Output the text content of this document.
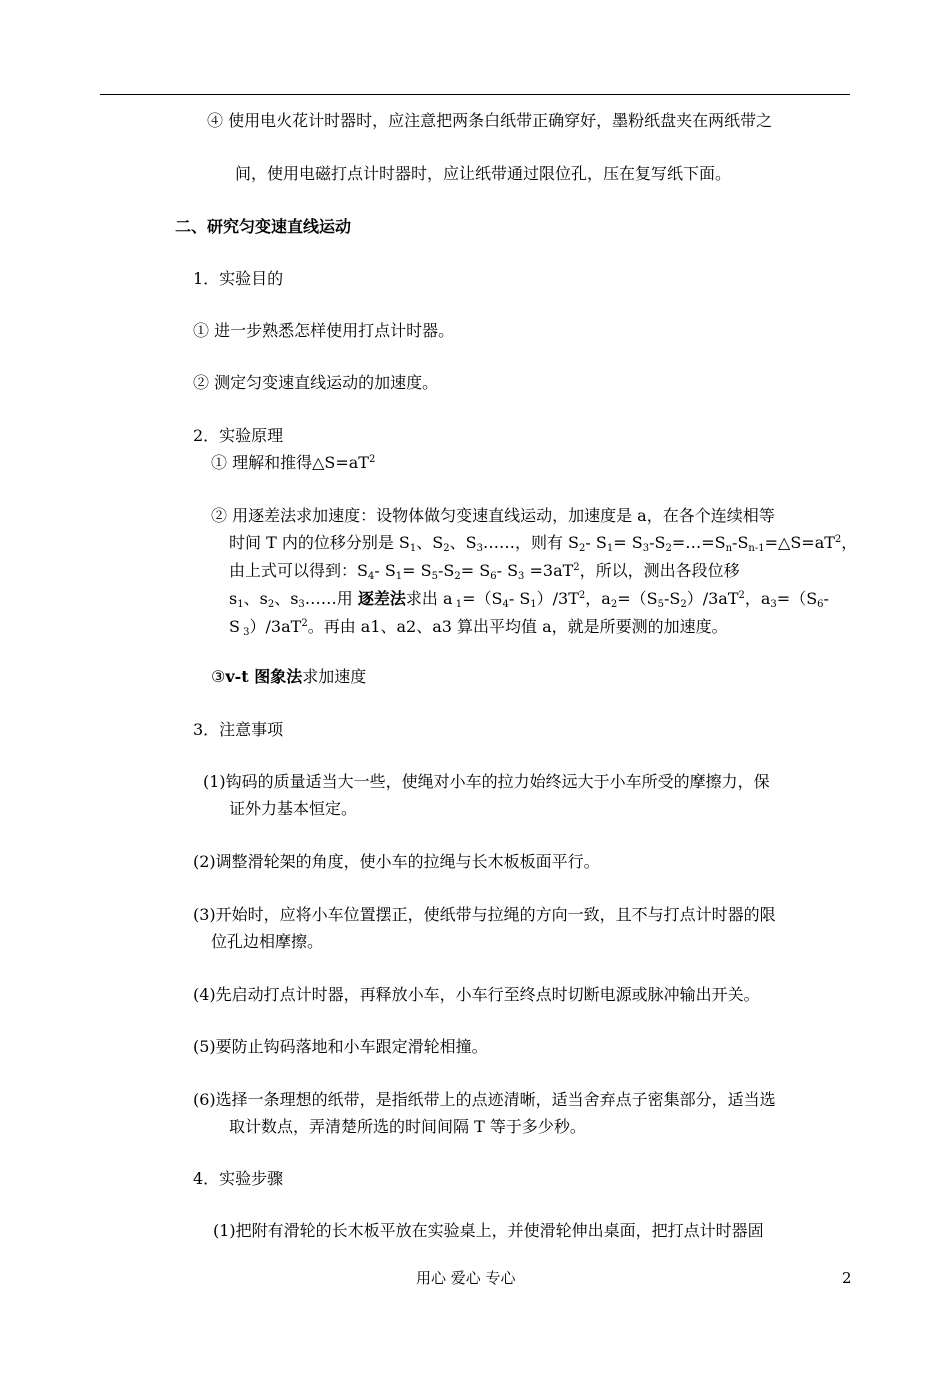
④ 使用电火花计时器时，应注意把两条白纸带正确穿好，墨粉纸盘夹在两纸带之
间，使用电磁打点计时器时，应让纸带通过限位孔，压在复写纸下面。
二、研究匀变速直线运动
1．实验目的
① 进一步熟悉怎样使用打点计时器。
② 测定匀变速直线运动的加速度。
2．实验原理
① 理解和推得$\triangle S=aT^2$
② 用逐差法求加速度：设物体做匀变速直线运动，加速度是 a，在各个连续相等
时间 T 内的位移分别是 $S_1$、$S_2$、$S_3\dots\dots$，则有 $S_2-$ $S_1=$ $S_3-S_2=\dots=S_n-S_{n-1}=\triangle S=aT^2$，
由上式可以得到：$S_4-$ $S_1= S_5-S_2= S_6-$ $S_3 =3aT^2$，所以，测出各段位移
$s_1$、$s_2$、$s_3\dots\dots$用 逐差法求出 a $_1=(S_4-$ $S_1)/3T^2$，$a_2=(S_5-S_2)/3aT^2$，$a_3=(S_6-$
S $_3)/3aT^2$。再由 a1、a2、a3 算出平均值 a，就是所要测的加速度。
③v-t 图象法求加速度
3．注意事项
(1)钩码的质量适当大一些，使绳对小车的拉力始终远大于小车所受的摩擦力，保
证外力基本恒定。
(2)调整滑轮架的角度，使小车的拉绳与长木板板面平行。
(3)开始时，应将小车位置摆正，使纸带与拉绳的方向一致，且不与打点计时器的限
位孔边相摩擦。
(4)先启动打点计时器，再释放小车，小车行至终点时切断电源或脉冲输出开关。
(5)要防止钩码落地和小车跟定滑轮相撞。
(6)选择一条理想的纸带，是指纸带上的点迹清晰，适当舍弃点子密集部分，适当选
取计数点，弄清楚所选的时间间隔 T 等于多少秒。
4．实验步骤
(1)把附有滑轮的长木板平放在实验桌上，并使滑轮伸出桌面，把打点计时器固
用心 爱心 专心	2
